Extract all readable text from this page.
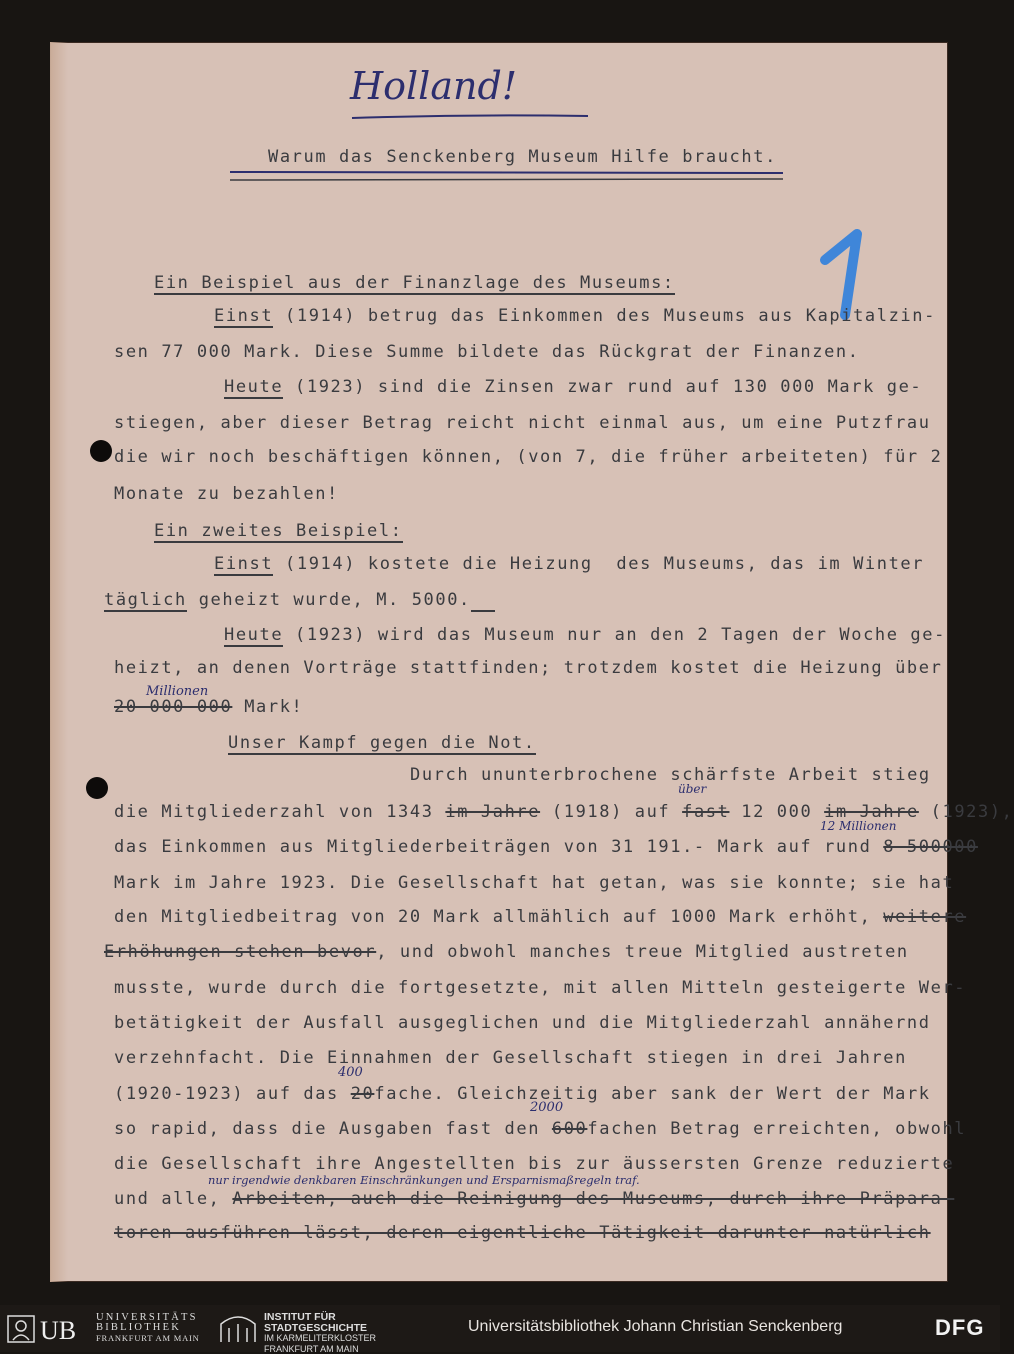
Holland!
Warum das Senckenberg Museum Hilfe braucht.
Ein Beispiel aus der Finanzlage des Museums:
Einst (1914) betrug das Einkommen des Museums aus Kapitalzin-
sen 77 000 Mark. Diese Summe bildete das Rückgrat der Finanzen.
Heute (1923) sind die Zinsen zwar rund auf 130 000 Mark ge-
stiegen, aber dieser Betrag reicht nicht einmal aus, um eine Putzfrau
die wir noch beschäftigen können, (von 7, die früher arbeiteten) für 2
Monate zu bezahlen!
Ein zweites Beispiel:
Einst (1914) kostete die Heizung  des Museums, das im Winter
täglich geheizt wurde, M. 5000.
Heute (1923) wird das Museum nur an den 2 Tagen der Woche ge-
heizt, an denen Vorträge stattfinden; trotzdem kostet die Heizung über
Millionen
20 000 000 Mark!
Unser Kampf gegen die Not.
Durch ununterbrochene schärfste Arbeit stieg
über
die Mitgliederzahl von 1343 im Jahre (1918) auf fast 12 000 im Jahre (1923),
12 Millionen
das Einkommen aus Mitgliederbeiträgen von 31 191.- Mark auf rund 8 500000
Mark im Jahre 1923. Die Gesellschaft hat getan, was sie konnte; sie hat
den Mitgliedbeitrag von 20 Mark allmählich auf 1000 Mark erhöht, weitere
Erhöhungen stehen bevor, und obwohl manches treue Mitglied austreten
musste, wurde durch die fortgesetzte, mit allen Mitteln gesteigerte Wer-
betätigkeit der Ausfall ausgeglichen und die Mitgliederzahl annähernd
verzehnfacht. Die Einnahmen der Gesellschaft stiegen in drei Jahren
400
(1920-1923) auf das 20fache. Gleichzeitig aber sank der Wert der Mark
2000
so rapid, dass die Ausgaben fast den 600fachen Betrag erreichten, obwohl
die Gesellschaft ihre Angestellten bis zur äussersten Grenze reduzierte
nur irgendwie denkbaren Einschränkungen und Ersparnismaßregeln traf.
und alle, Arbeiten, auch die Reinigung des Museums, durch ihre Präpara-
toren ausführen lässt, deren eigentliche Tätigkeit darunter natürlich
UB UNIVERSITÄTS
BIBLIOTHEK
FRANKFURT AM MAIN
INSTITUT FÜR
STADTGESCHICHTE
IM KARMELITERKLOSTER
FRANKFURT AM MAIN
Universitätsbibliothek Johann Christian Senckenberg	DFG
